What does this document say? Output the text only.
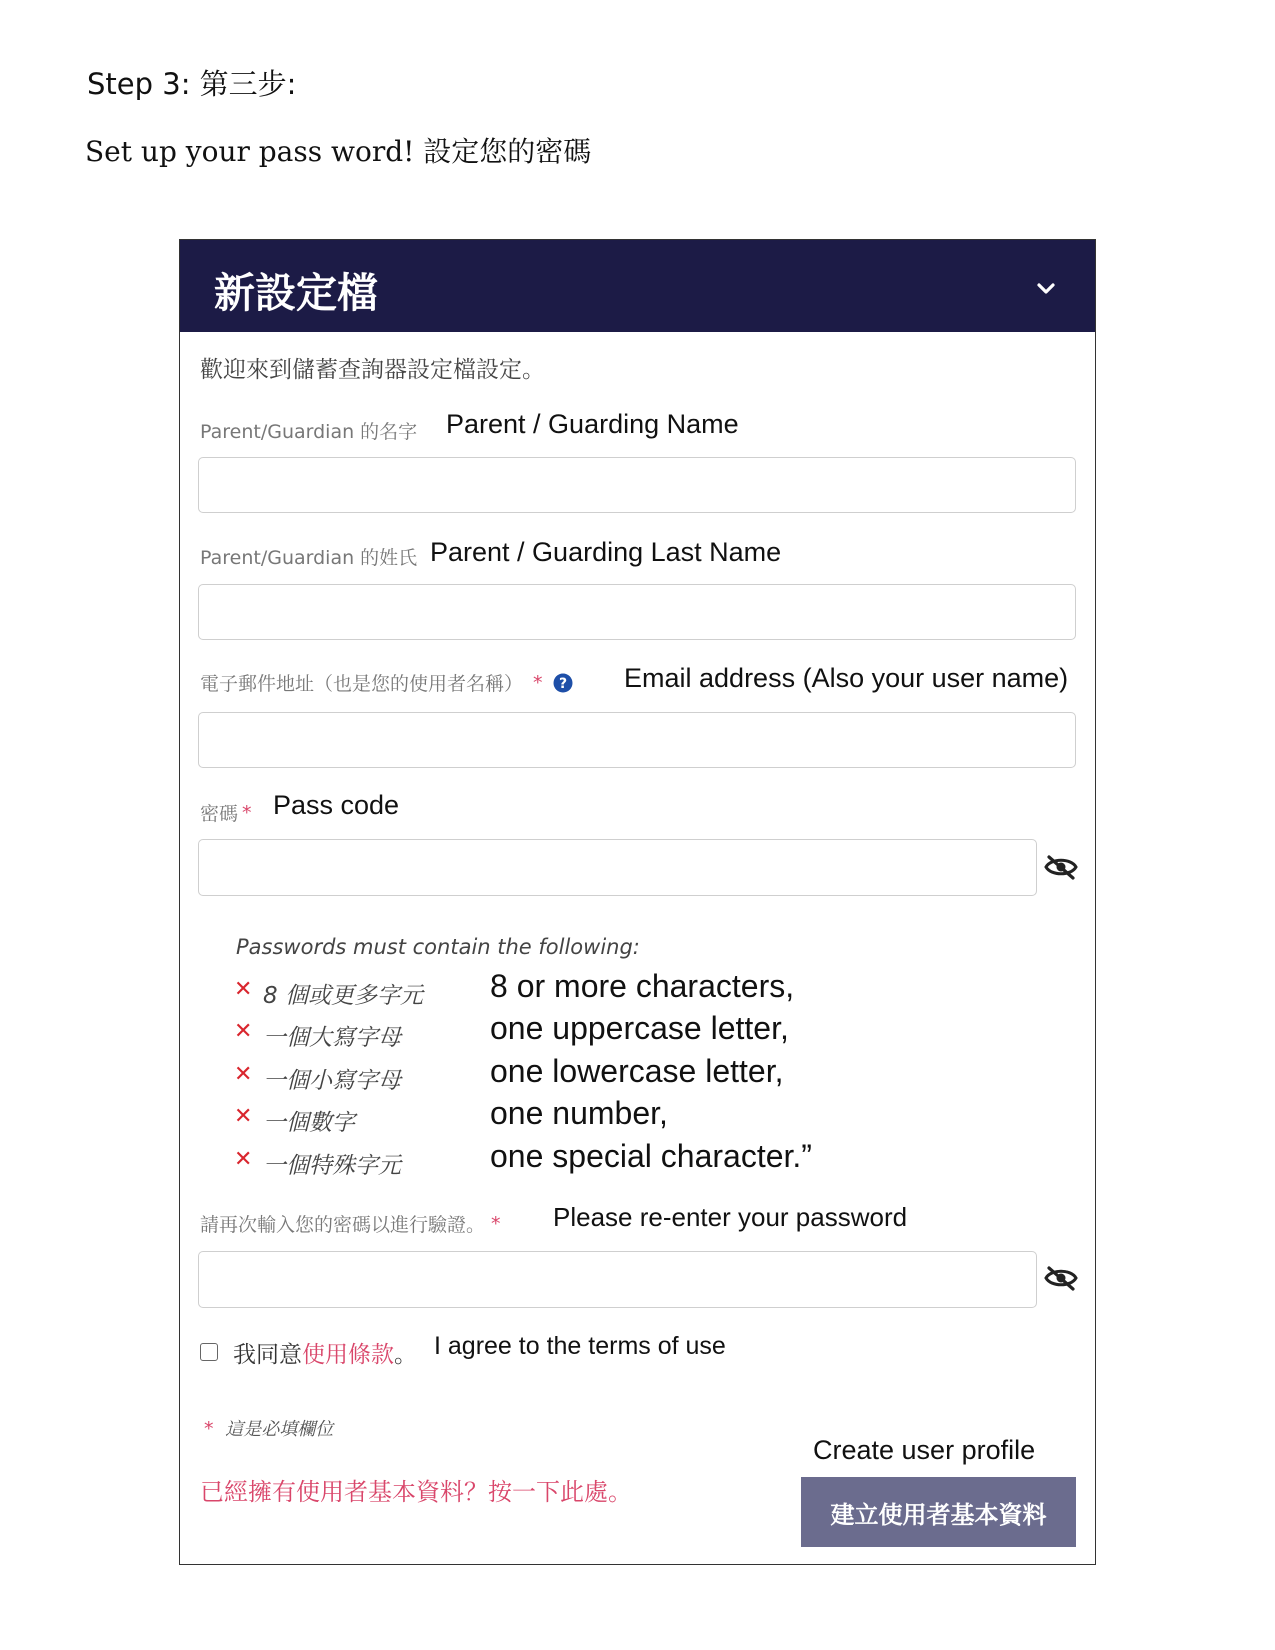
Step 3: 第三步:
Set up your pass word! 設定您的密碼
新設定檔
歡迎來到儲蓄查詢器設定檔設定。
Parent/Guardian 的名字 Parent / Guarding Name
Parent/Guardian 的姓氏 Parent / Guarding Last Name
電子郵件地址（也是您的使用者名稱） * ? Email address (Also your user name)
密碼 * Pass code
Passwords must contain the following:
✕ 8 個或更多字元 8 or more characters,
✕ 一個大寫字母	one uppercase letter,
✕ 一個小寫字母	one lowercase letter,
✕ 一個數字	one number,
✕ 一個特殊字元	one special character.”
請再次輸入您的密碼以進行驗證。 * Please re-enter your password
我同意使用條款。 I agree to the terms of use
* 這是必填欄位
已經擁有使用者基本資料？按一下此處。
Create user profile
建立使用者基本資料
